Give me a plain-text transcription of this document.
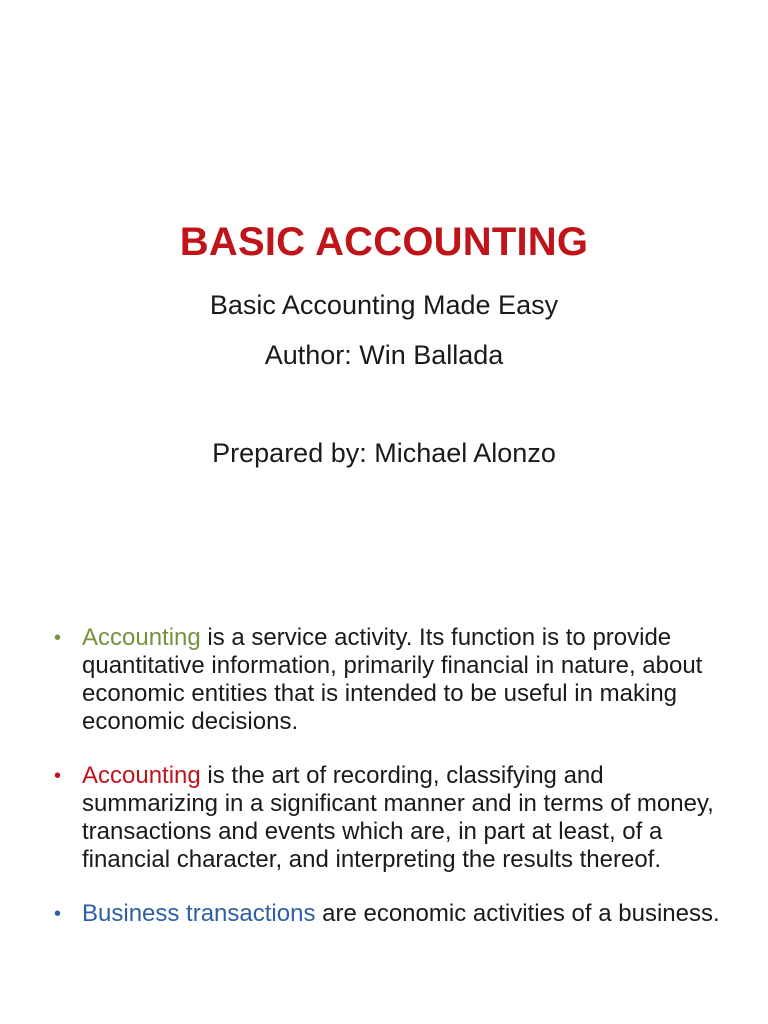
BASIC ACCOUNTING
Basic Accounting Made Easy
Author: Win Ballada
Prepared by: Michael Alonzo
• Accounting is a service activity. Its function is to provide quantitative information, primarily financial in nature, about economic entities that is intended to be useful in making economic decisions.
• Accounting is the art of recording, classifying and summarizing in a significant manner and in terms of money, transactions and events which are, in part at least, of a financial character, and interpreting the results thereof.
• Business transactions are economic activities of a business.
